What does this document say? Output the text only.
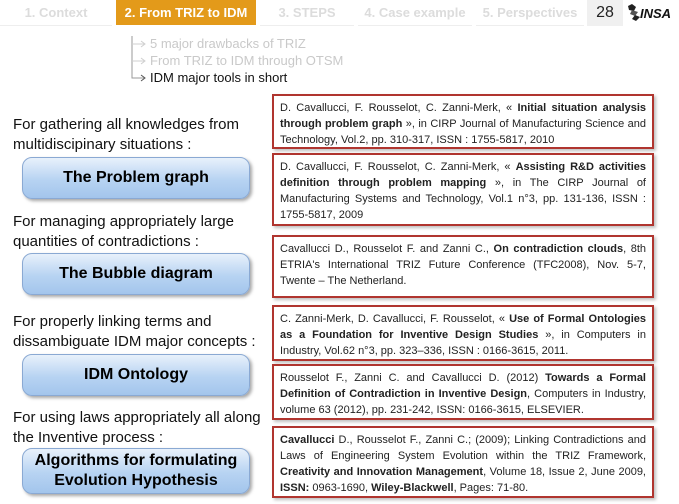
1. Context	2. From TRIZ to IDM	3. STEPS	4. Case example	5. Perspectives	28	INSA
5 major drawbacks of TRIZ
From TRIZ to IDM through OTSM
IDM major tools in short
For gathering all knowledges from
multidiscipinary situations :
The Problem graph
For managing appropriately large
quantities of contradictions :
The Bubble diagram
For properly linking terms and
dissambiguate IDM major concepts :
IDM Ontology
For using laws appropriately all along
the Inventive process :
Algorithms for formulating
Evolution Hypothesis
D. Cavallucci, F. Rousselot, C. Zanni-Merk, « Initial situation analysis through problem graph », in CIRP Journal of Manufacturing Science and Technology, Vol.2, pp. 310-317, ISSN : 1755-5817, 2010
D. Cavallucci, F. Rousselot, C. Zanni-Merk, « Assisting R&D activities definition through problem mapping », in The CIRP Journal of Manufacturing Systems and Technology, Vol.1 n°3, pp. 131-136, ISSN : 1755-5817, 2009
Cavallucci D., Rousselot F. and Zanni C., On contradiction clouds, 8th ETRIA's International TRIZ Future Conference (TFC2008), Nov. 5-7, Twente – The Netherland.
C. Zanni-Merk, D. Cavallucci, F. Rousselot, « Use of Formal Ontologies as a Foundation for Inventive Design Studies », in Computers in Industry, Vol.62 n°3, pp. 323–336, ISSN : 0166-3615, 2011.
Rousselot F., Zanni C. and Cavallucci D. (2012) Towards a Formal Definition of Contradiction in Inventive Design, Computers in Industry, volume 63 (2012), pp. 231-242, ISSN: 0166-3615, ELSEVIER.
Cavallucci D., Rousselot F., Zanni C.; (2009); Linking Contradictions and Laws of Engineering System Evolution within the TRIZ Framework, Creativity and Innovation Management, Volume 18, Issue 2, June 2009, ISSN: 0963-1690, Wiley-Blackwell, Pages: 71-80.
